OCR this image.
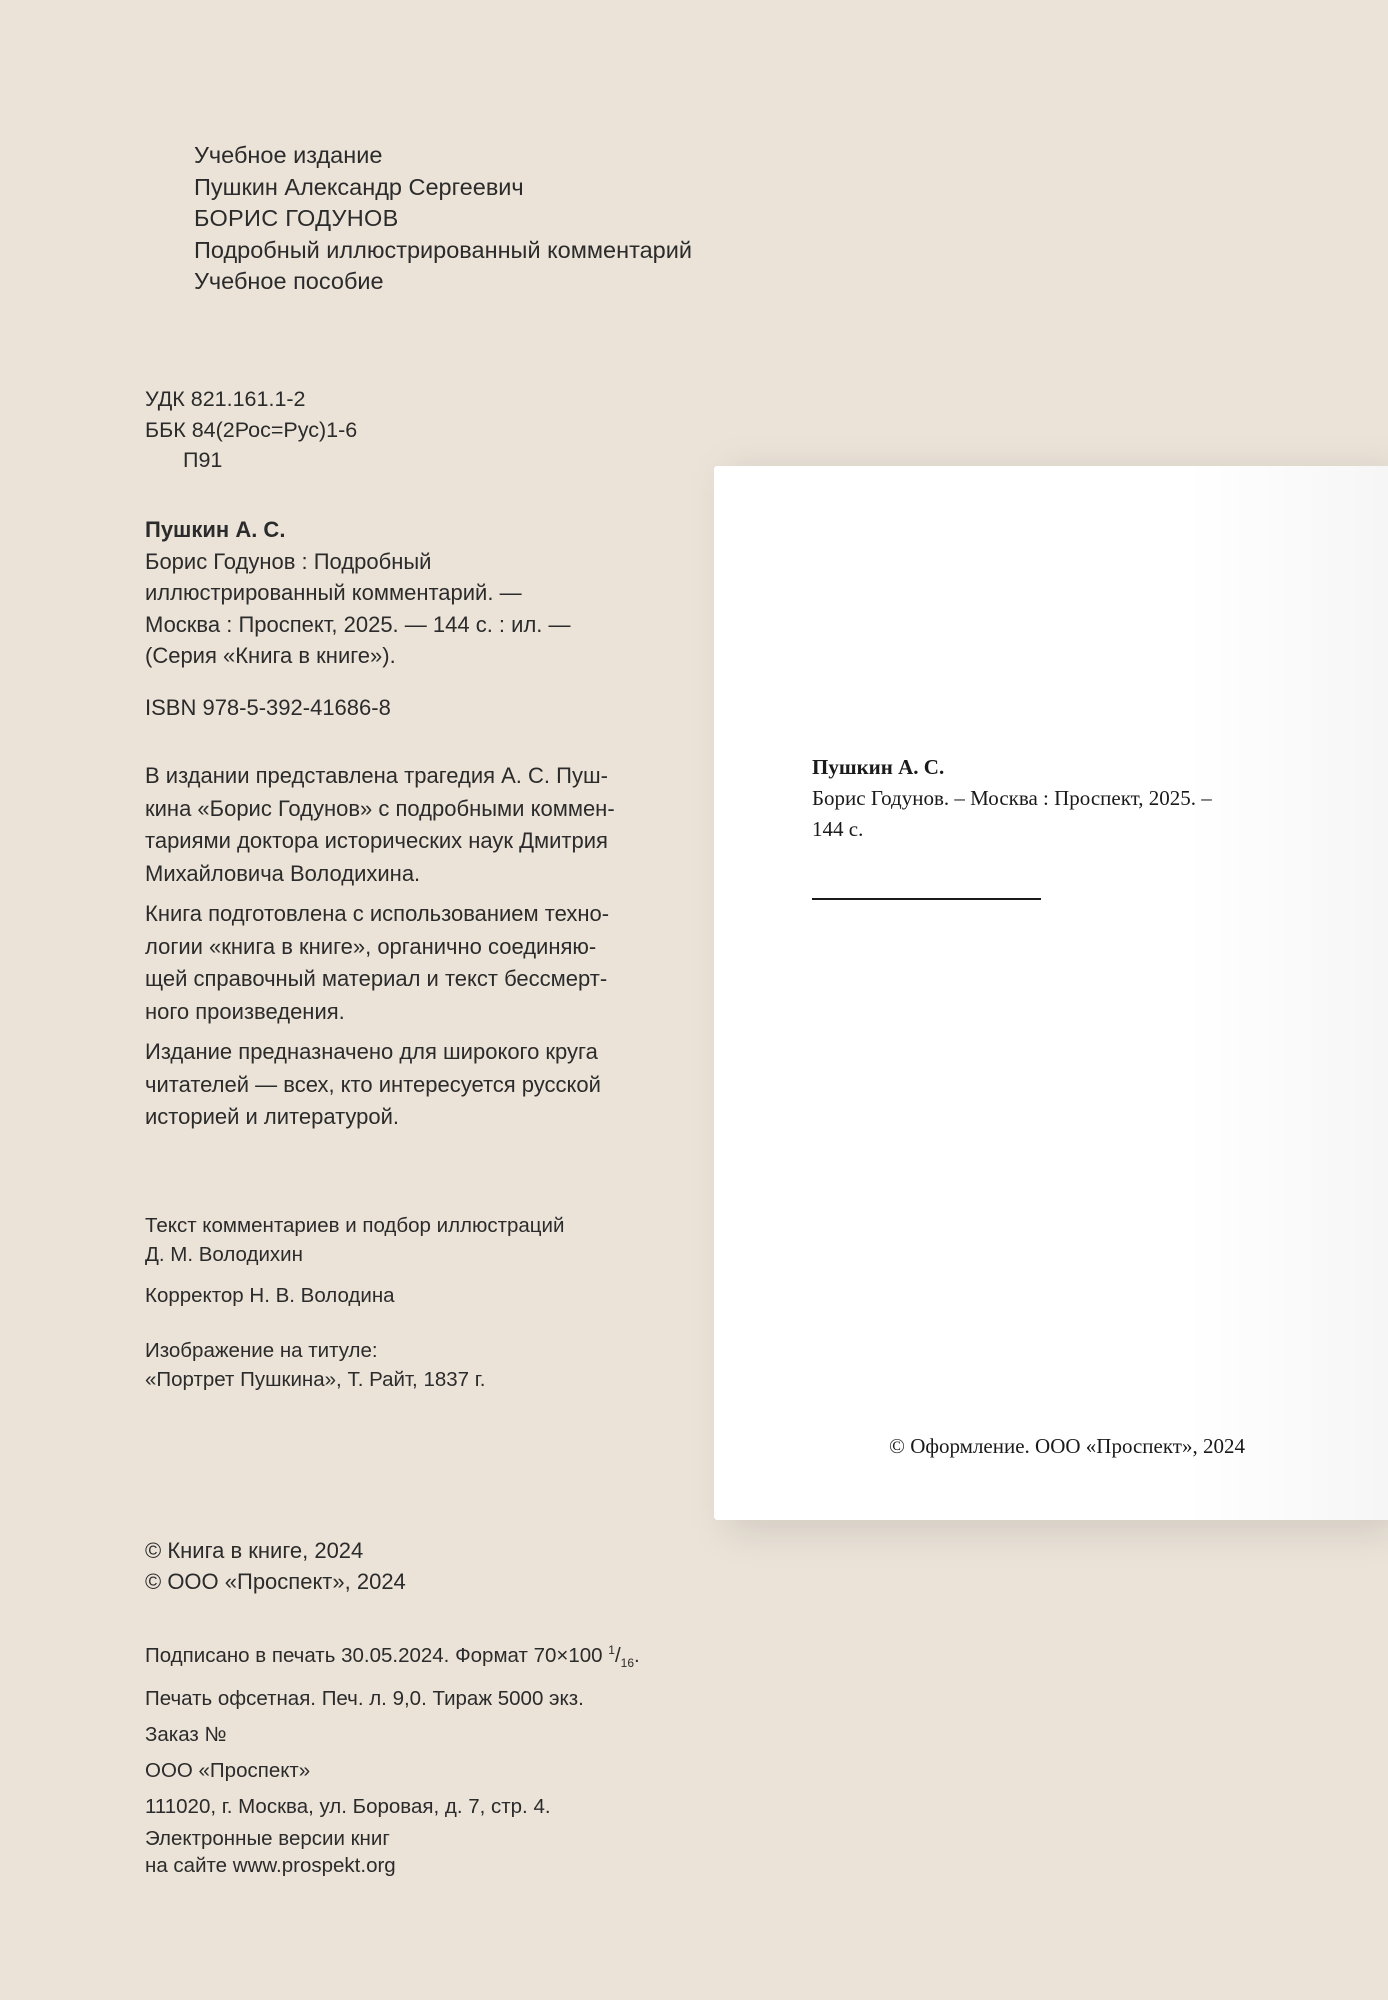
Учебное издание
Пушкин Александр Сергеевич
БОРИС ГОДУНОВ
Подробный иллюстрированный комментарий
Учебное пособие
УДК 821.161.1-2
ББК 84(2Рос=Рус)1-6
П91
Пушкин А. С.
Борис Годунов : Подробный
иллюстрированный комментарий. —
Москва : Проспект, 2025. — 144 с. : ил. —
(Серия «Книга в книге»).
ISBN 978-5-392-41686-8

В издании представлена трагедия А. С. Пуш-
кина «Борис Годунов» с подробными коммен-
тариями доктора исторических наук Дмитрия
Михайловича Володихина.

Книга подготовлена с использованием техно-
логии «книга в книге», органично соединяю-
щей справочный материал и текст бессмерт-
ного произведения.

Издание предназначено для широкого круга
читателей — всех, кто интересуется русской
историей и литературой.

Текст комментариев и подбор иллюстраций
Д. М. Володихин
Корректор Н. В. Володина
Изображение на титуле:
«Портрет Пушкина», Т. Райт, 1837 г.
© Книга в книге, 2024
© ООО «Проспект», 2024
Подписано в печать 30.05.2024. Формат 70×100 $^1/_{16}$.
Печать офсетная. Печ. л. 9,0. Тираж 5000 экз.
Заказ №
ООО «Проспект»
111020, г. Москва, ул. Боровая, д. 7, стр. 4.
Электронные версии книг
на сайте www.prospekt.org
Пушкин А. С.
Борис Годунов. – Москва : Проспект, 2025. –
144 с.
© Оформление. ООО «Проспект», 2024
